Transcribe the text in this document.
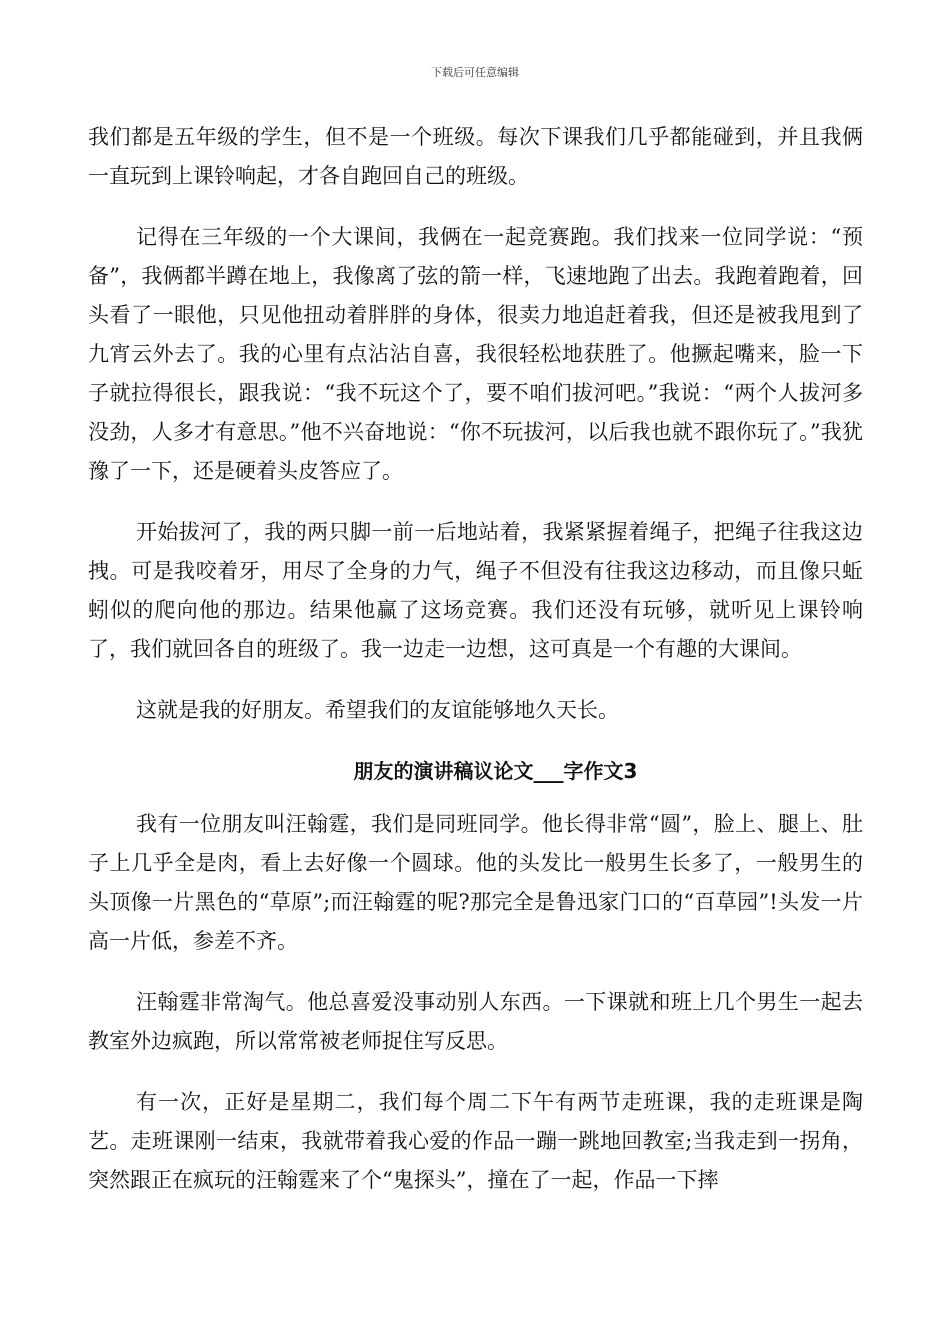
下载后可任意编辑

我们都是五年级的学生，但不是一个班级。每次下课我们几乎都能碰到，并且我俩一直玩到上课铃响起，才各自跑回自己的班级。

记得在三年级的一个大课间，我俩在一起竞赛跑。我们找来一位同学说：“预备”，我俩都半蹲在地上，我像离了弦的箭一样，飞速地跑了出去。我跑着跑着，回头看了一眼他，只见他扭动着胖胖的身体，很卖力地追赶着我，但还是被我甩到了九宵云外去了。我的心里有点沾沾自喜，我很轻松地获胜了。他撅起嘴来，脸一下子就拉得很长，跟我说：“我不玩这个了，要不咱们拔河吧。”我说：“两个人拔河多没劲，人多才有意思。”他不兴奋地说：“你不玩拔河，以后我也就不跟你玩了。”我犹豫了一下，还是硬着头皮答应了。

开始拔河了，我的两只脚一前一后地站着，我紧紧握着绳子，把绳子往我这边拽。可是我咬着牙，用尽了全身的力气，绳子不但没有往我这边移动，而且像只蚯蚓似的爬向他的那边。结果他赢了这场竞赛。我们还没有玩够，就听见上课铃响了，我们就回各自的班级了。我一边走一边想，这可真是一个有趣的大课间。

这就是我的好朋友。希望我们的友谊能够地久天长。

朋友的演讲稿议论文___字作文3

我有一位朋友叫汪翰霆，我们是同班同学。他长得非常“圆”，脸上、腿上、肚子上几乎全是肉，看上去好像一个圆球。他的头发比一般男生长多了，一般男生的头顶像一片黑色的“草原”;而汪翰霆的呢?那完全是鲁迅家门口的“百草园”!头发一片高一片低，参差不齐。

汪翰霆非常淘气。他总喜爱没事动别人东西。一下课就和班上几个男生一起去教室外边疯跑，所以常常被老师捉住写反思。

有一次，正好是星期二，我们每个周二下午有两节走班课，我的走班课是陶艺。走班课刚一结束，我就带着我心爱的作品一蹦一跳地回教室;当我走到一拐角，突然跟正在疯玩的汪翰霆来了个“鬼探头”，撞在了一起，作品一下摔
